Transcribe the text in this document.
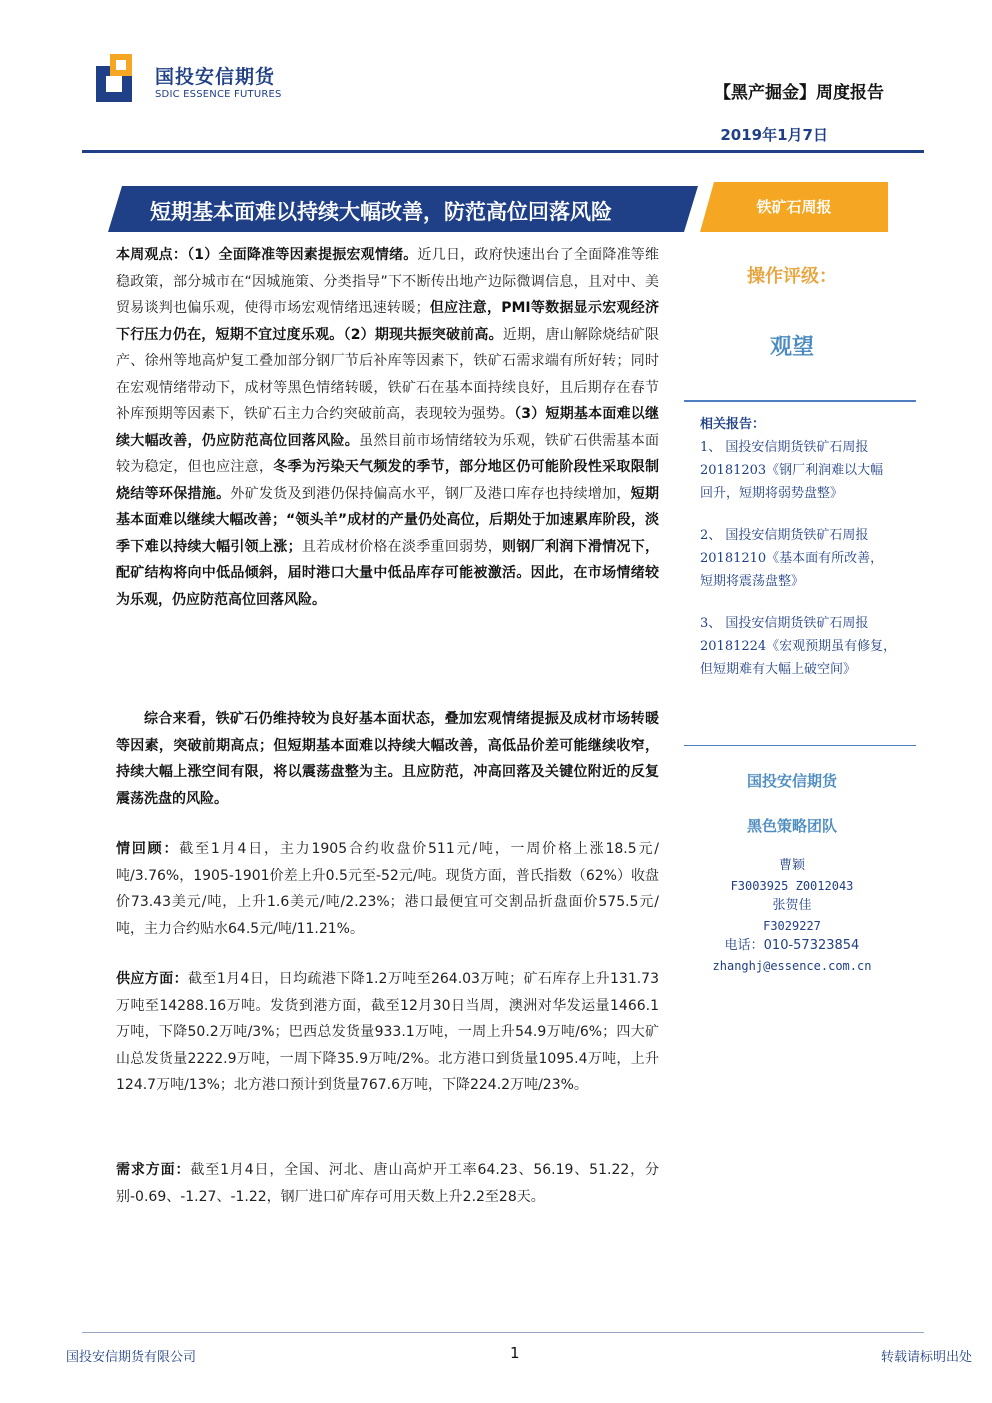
国投安信期货
SDIC ESSENCE FUTURES	【黑产掘金】周度报告
2019年1月7日
短期基本面难以持续大幅改善，防范高位回落风险	铁矿石周报
操作评级：
观望
相关报告：
1、 国投安信期货铁矿石周报
20181203《钢厂利润难以大幅
回升，短期将弱势盘整》
2、 国投安信期货铁矿石周报
20181210《基本面有所改善，
短期将震荡盘整》
3、 国投安信期货铁矿石周报
20181224《宏观预期虽有修复，
但短期难有大幅上破空间》
国投安信期货
黑色策略团队
曹颖
F3003925 Z0012043
张贺佳
F3029227
电话：010-57323854
zhanghj@essence.com.cn

本周观点：（1）全面降准等因素提振宏观情绪。近几日，政府快速出台了全面降准等维稳政策，部分城市在“因城施策、分类指导”下不断传出地产边际微调信息，且对中、美贸易谈判也偏乐观，使得市场宏观情绪迅速转暖；但应注意，PMI等数据显示宏观经济下行压力仍在，短期不宜过度乐观。（2）期现共振突破前高。近期，唐山解除烧结矿限产、徐州等地高炉复工叠加部分钢厂节后补库等因素下，铁矿石需求端有所好转；同时在宏观情绪带动下，成材等黑色情绪转暖，铁矿石在基本面持续良好，且后期存在春节补库预期等因素下，铁矿石主力合约突破前高，表现较为强势。（3）短期基本面难以继续大幅改善，仍应防范高位回落风险。虽然目前市场情绪较为乐观，铁矿石供需基本面较为稳定，但也应注意，冬季为污染天气频发的季节，部分地区仍可能阶段性采取限制烧结等环保措施。外矿发货及到港仍保持偏高水平，钢厂及港口库存也持续增加，短期基本面难以继续大幅改善；“领头羊”成材的产量仍处高位，后期处于加速累库阶段，淡季下难以持续大幅引领上涨；且若成材价格在淡季重回弱势，则钢厂利润下滑情况下，配矿结构将向中低品倾斜，届时港口大量中低品库存可能被激活。因此，在市场情绪较为乐观，仍应防范高位回落风险。

综合来看，铁矿石仍维持较为良好基本面状态，叠加宏观情绪提振及成材市场转暖等因素，突破前期高点；但短期基本面难以持续大幅改善，高低品价差可能继续收窄，持续大幅上涨空间有限，将以震荡盘整为主。且应防范，冲高回落及关键位附近的反复震荡洗盘的风险。

情回顾：截至1月4日，主力1905合约收盘价511元/吨，一周价格上涨18.5元/吨/3.76%，1905-1901价差上升0.5元至-52元/吨。现货方面，普氏指数（62%）收盘价73.43美元/吨，上升1.6美元/吨/2.23%；港口最便宜可交割品折盘面价575.5元/吨，主力合约贴水64.5元/吨/11.21%。

供应方面：截至1月4日，日均疏港下降1.2万吨至264.03万吨；矿石库存上升131.73万吨至14288.16万吨。发货到港方面，截至12月30日当周，澳洲对华发运量1466.1万吨，下降50.2万吨/3%；巴西总发货量933.1万吨，一周上升54.9万吨/6%；四大矿山总发货量2222.9万吨，一周下降35.9万吨/2%。北方港口到货量1095.4万吨，上升124.7万吨/13%；北方港口预计到货量767.6万吨，下降224.2万吨/23%。

需求方面：截至1月4日，全国、河北、唐山高炉开工率64.23、56.19、51.22，分别-0.69、-1.27、-1.22，钢厂进口矿库存可用天数上升2.2至28天。

国投安信期货有限公司	1	转载请标明出处
